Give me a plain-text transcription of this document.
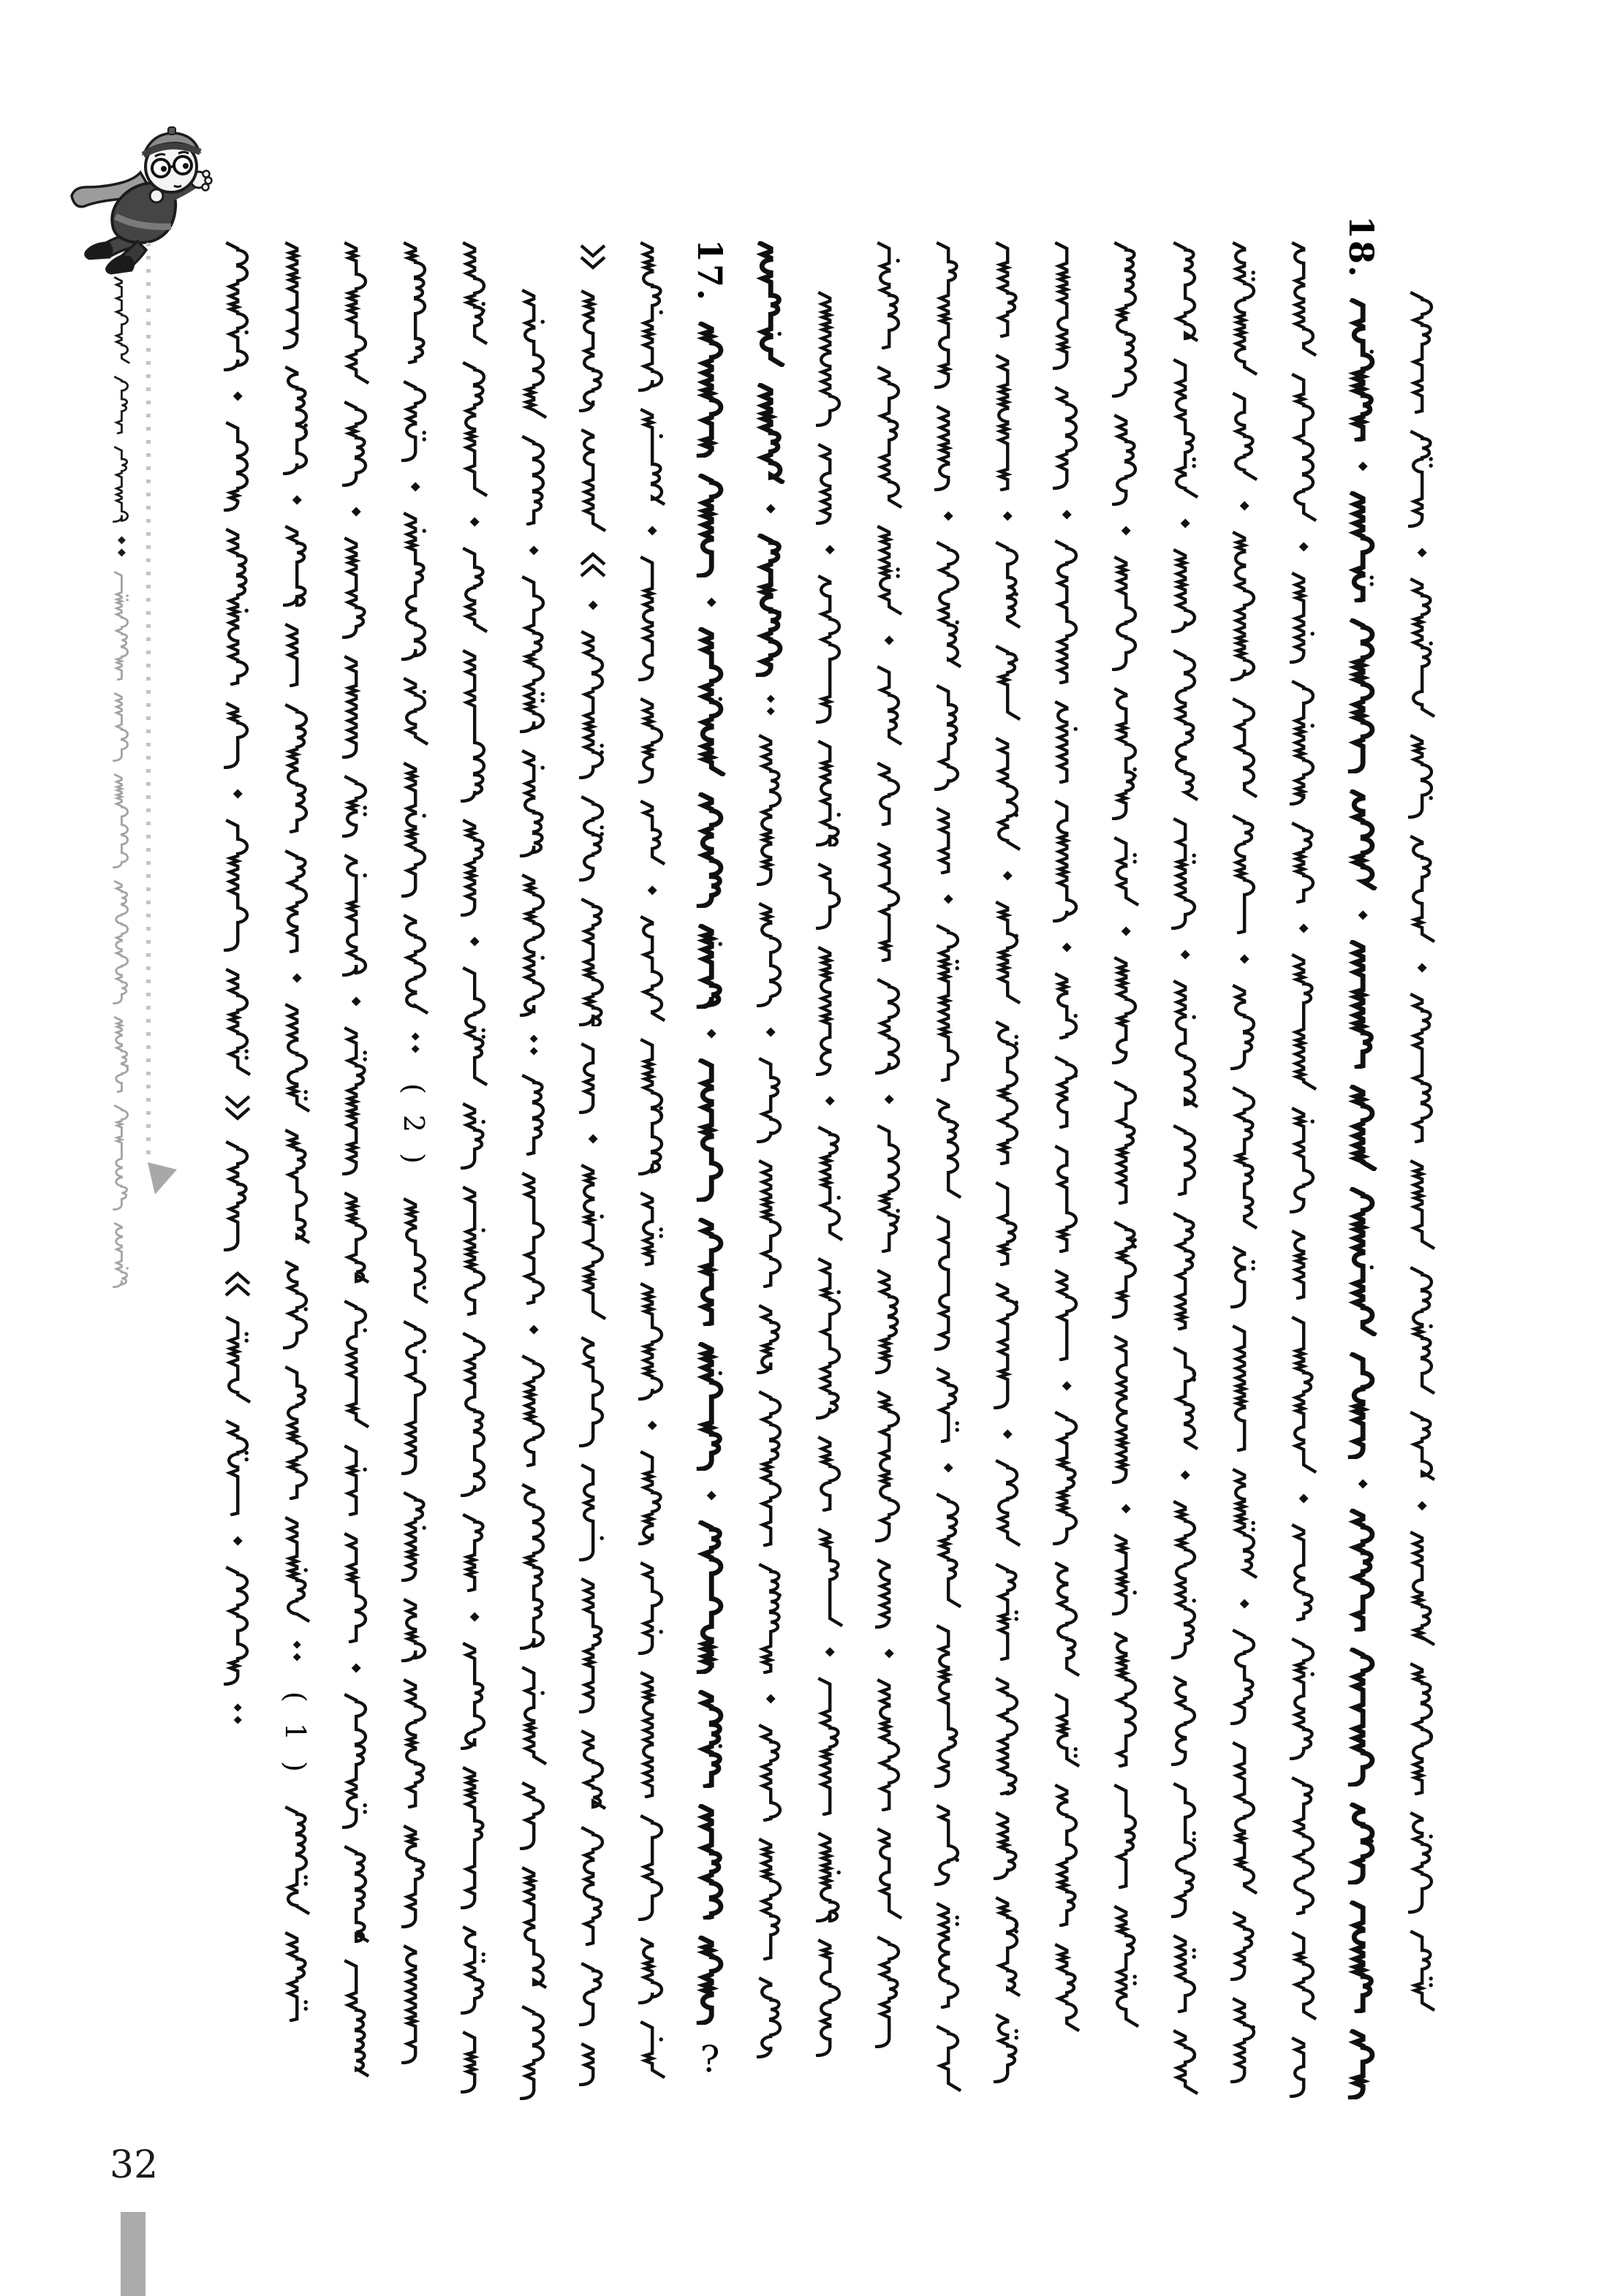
( 1 )
( 2 )
17.
?
18.
32
